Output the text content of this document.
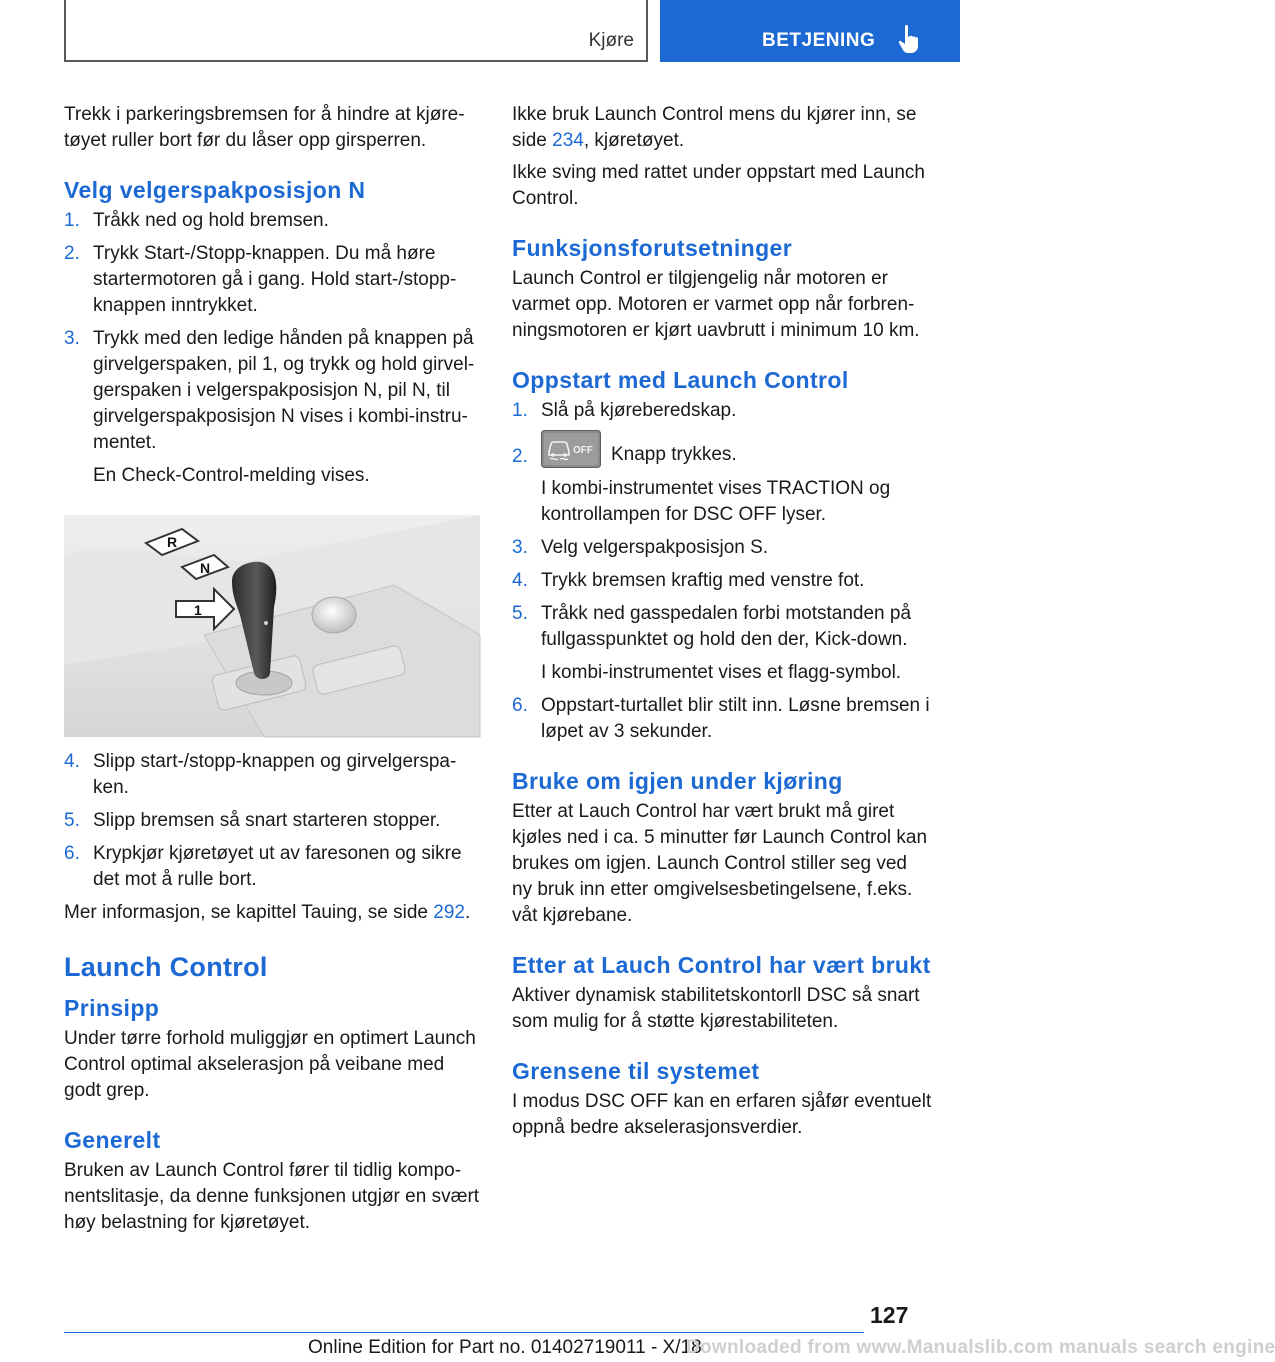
Kjøre	BETJENING

Trekk i parkeringsbremsen for å hindre at kjøretøyet ruller bort før du låser opp girsperren.

Velg velgerspakposisjon N
1. Tråkk ned og hold bremsen.
2. Trykk Start-/Stopp-knappen. Du må høre startermotoren gå i gang. Hold start-/stopp-knappen inntrykket.
3. Trykk med den ledige hånden på knappen på girvelgerspaken, pil 1, og trykk og hold girvelgerspaken i velgerspakposisjon N, pil N, til girvelgerspakposisjon N vises i kombi-instrumentet.
En Check-Control-melding vises.
R
N
1
4. Slipp start-/stopp-knappen og girvelgerspaken.
5. Slipp bremsen så snart starteren stopper.
6. Krypkjør kjøretøyet ut av faresonen og sikre det mot å rulle bort.

Mer informasjon, se kapittel Tauing, se side 292.

Launch Control
Prinsipp

Under tørre forhold muliggjør en optimert Launch Control optimal akselerasjon på veibane med godt grep.

Generelt

Bruken av Launch Control fører til tidlig komponentslitasje, da denne funksjonen utgjør en svært høy belastning for kjøretøyet.

Ikke bruk Launch Control mens du kjører inn, se side 234, kjøretøyet.

Ikke sving med rattet under oppstart med Launch Control.

Funksjonsforutsetninger

Launch Control er tilgjengelig når motoren er varmet opp. Motoren er varmet opp når forbrenningsmotoren er kjørt uavbrutt i minimum 10 km.

Oppstart med Launch Control
1. Slå på kjøreberedskap.
2.	OFF Knapp trykkes.
I kombi-instrumentet vises TRACTION og kontrollampen for DSC OFF lyser.
3. Velg velgerspakposisjon S.
4. Trykk bremsen kraftig med venstre fot.
5. Tråkk ned gasspedalen forbi motstanden på fullgasspunktet og hold den der, Kick-down.
I kombi-instrumentet vises et flagg-symbol.
6. Oppstart-turtallet blir stilt inn. Løsne bremsen i løpet av 3 sekunder.
Bruke om igjen under kjøring

Etter at Lauch Control har vært brukt må giret kjøles ned i ca. 5 minutter før Launch Control kan brukes om igjen. Launch Control stiller seg ved ny bruk inn etter omgivelsesbetingelsene, f.eks. våt kjørebane.

Etter at Lauch Control har vært brukt

Aktiver dynamisk stabilitetskontorll DSC så snart som mulig for å støtte kjørestabiliteten.

Grensene til systemet

I modus DSC OFF kan en erfaren sjåfør eventuelt oppnå bedre akselerasjonsverdier.

127
Online Edition for Part no. 01402719011 - X/18
Downloaded from www.Manualslib.com manuals search engine
